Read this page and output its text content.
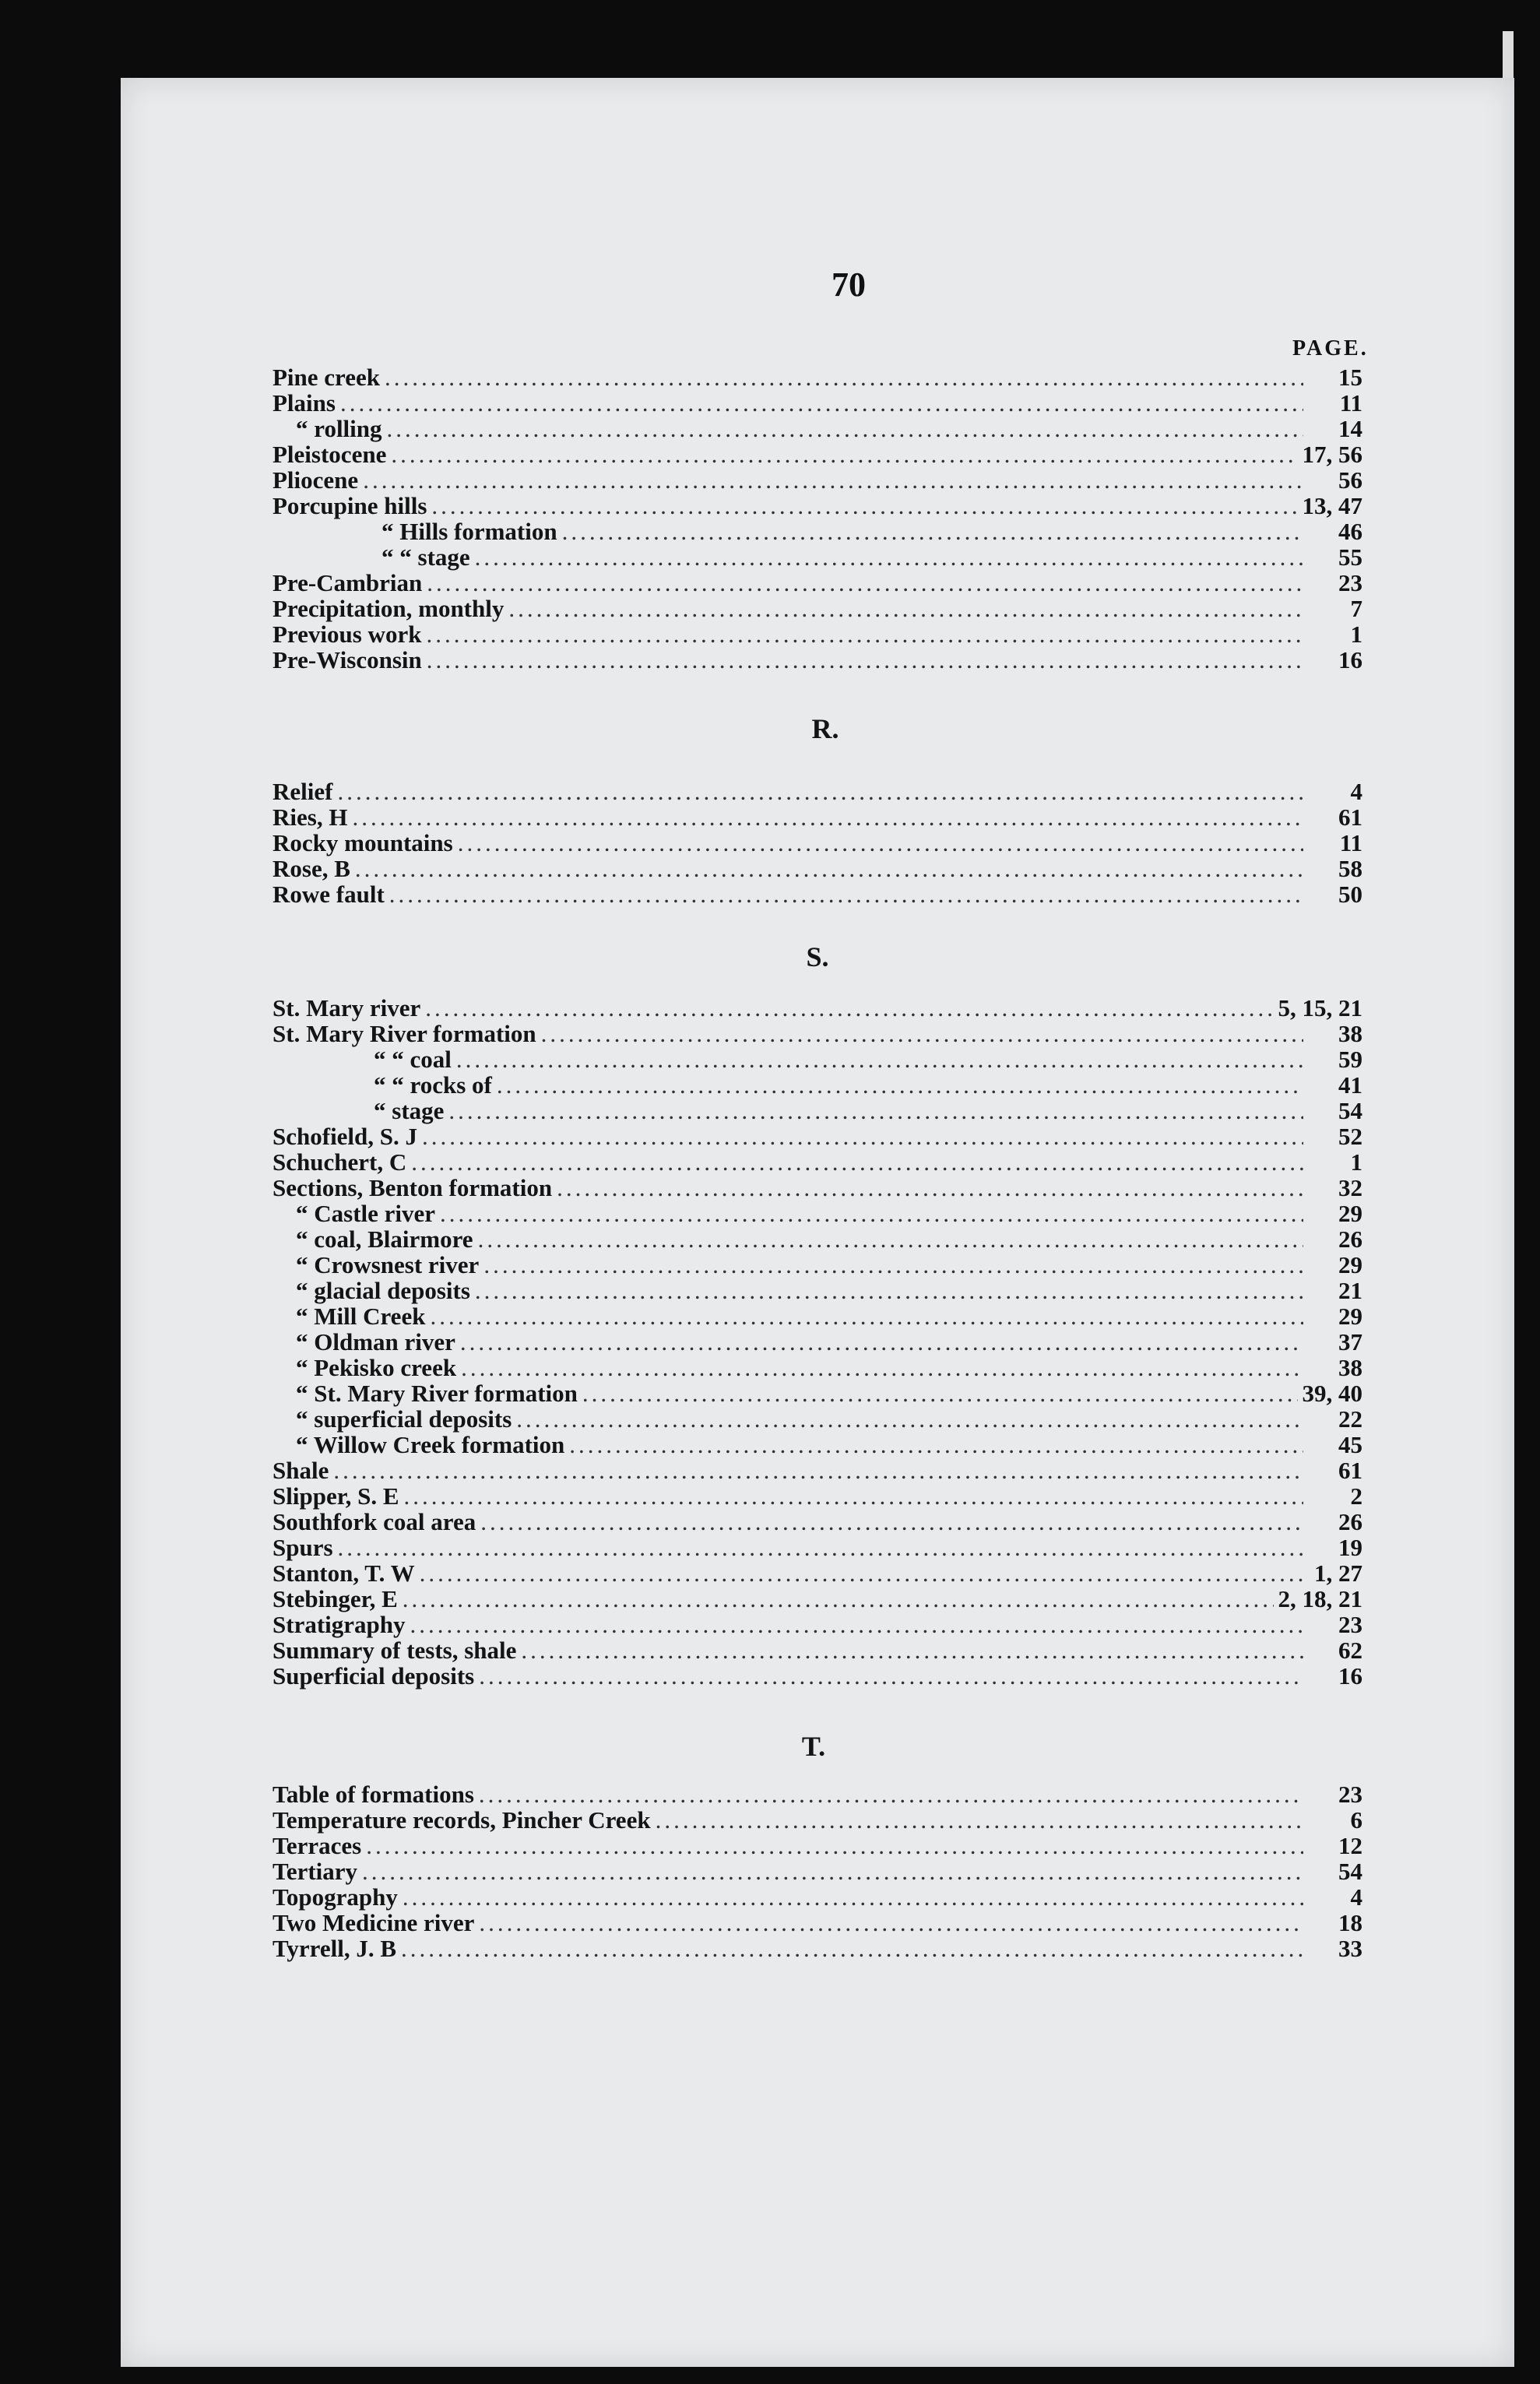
70
PAGE.
Pine creek .....	15
Plains .....	11
“ rolling .....	14
Pleistocene .....	17, 56
Pliocene .....	56
Porcupine hills .....	13, 47
“ Hills formation .....	46
“ “ stage .....	55
Pre-Cambrian .....	23
Precipitation, monthly .....	7
Previous work .....	1
Pre-Wisconsin .....	16
R.
Relief .....	4
Ries, H .....	61
Rocky mountains .....	11
Rose, B .....	58
Rowe fault .....	50
S.
St. Mary river .....	5, 15, 21
St. Mary River formation .....	38
“ “ coal .....	59
“ “ rocks of .....	41
“ stage .....	54
Schofield, S. J .....	52
Schuchert, C .....	1
Sections, Benton formation .....	32
“ Castle river .....	29
“ coal, Blairmore .....	26
“ Crowsnest river .....	29
“ glacial deposits .....	21
“ Mill Creek .....	29
“ Oldman river .....	37
“ Pekisko creek .....	38
“ St. Mary River formation .....	39, 40
“ superficial deposits .....	22
“ Willow Creek formation .....	45
Shale .....	61
Slipper, S. E .....	2
Southfork coal area .....	26
Spurs .....	19
Stanton, T. W .....	1, 27
Stebinger, E .....	2, 18, 21
Stratigraphy .....	23
Summary of tests, shale .....	62
Superficial deposits .....	16
T.
Table of formations .....	23
Temperature records, Pincher Creek .....	6
Terraces .....	12
Tertiary .....	54
Topography .....	4
Two Medicine river .....	18
Tyrrell, J. B .....	33
